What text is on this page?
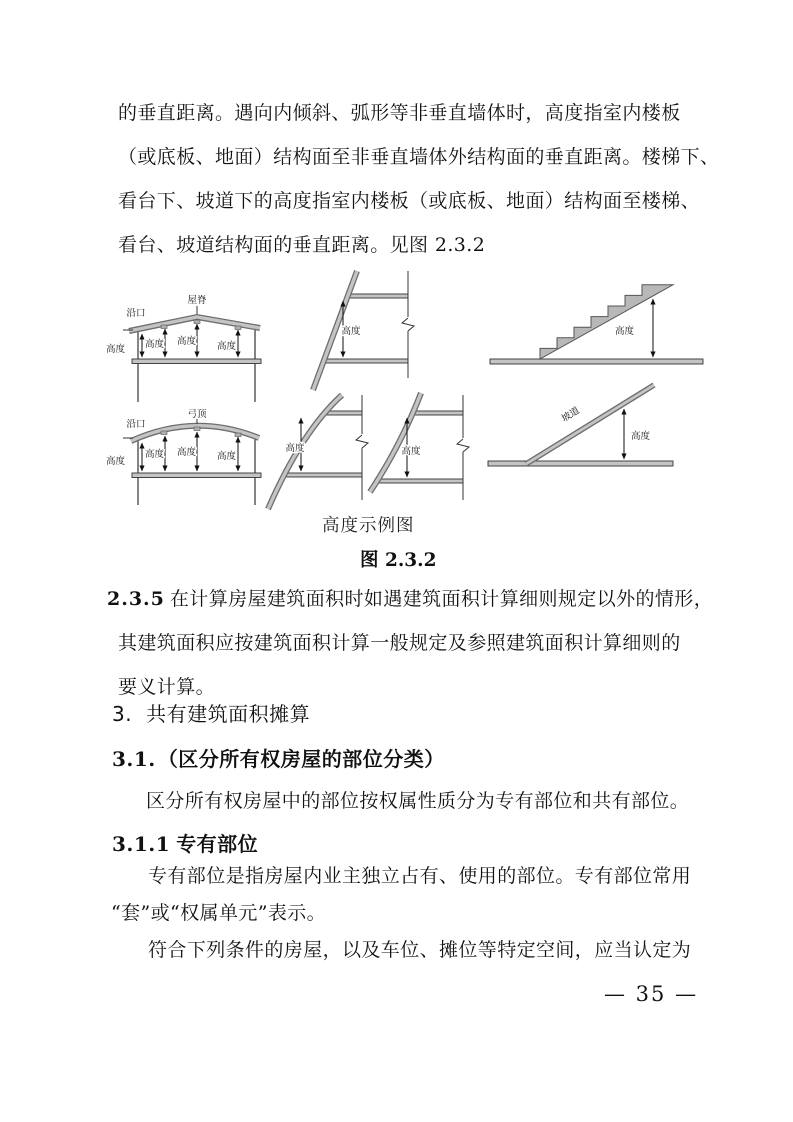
的垂直距离。遇向内倾斜、弧形等非垂直墙体时，高度指室内楼板
（或底板、地面）结构面至非垂直墙体外结构面的垂直距离。楼梯下、
看台下、坡道下的高度指室内楼板（或底板、地面）结构面至楼梯、
看台、坡道结构面的垂直距离。见图 2.3.2
屋脊
沿口
高度 高度 高度 高度
弓顶
沿口
高度
高度 高度 高度
高度
高度	高度
高度
坡道
高度
高度示例图
图 2.3.2
2.3.5 在计算房屋建筑面积时如遇建筑面积计算细则规定以外的情形，
其建筑面积应按建筑面积计算一般规定及参照建筑面积计算细则的
要义计算。
3. 共有建筑面积摊算
3.1. （区分所有权房屋的部位分类）
区分所有权房屋中的部位按权属性质分为专有部位和共有部位。
3.1.1 专有部位
专有部位是指房屋内业主独立占有、使用的部位。专有部位常用
“套”或“权属单元”表示。
符合下列条件的房屋，以及车位、摊位等特定空间，应当认定为
— 35 —
